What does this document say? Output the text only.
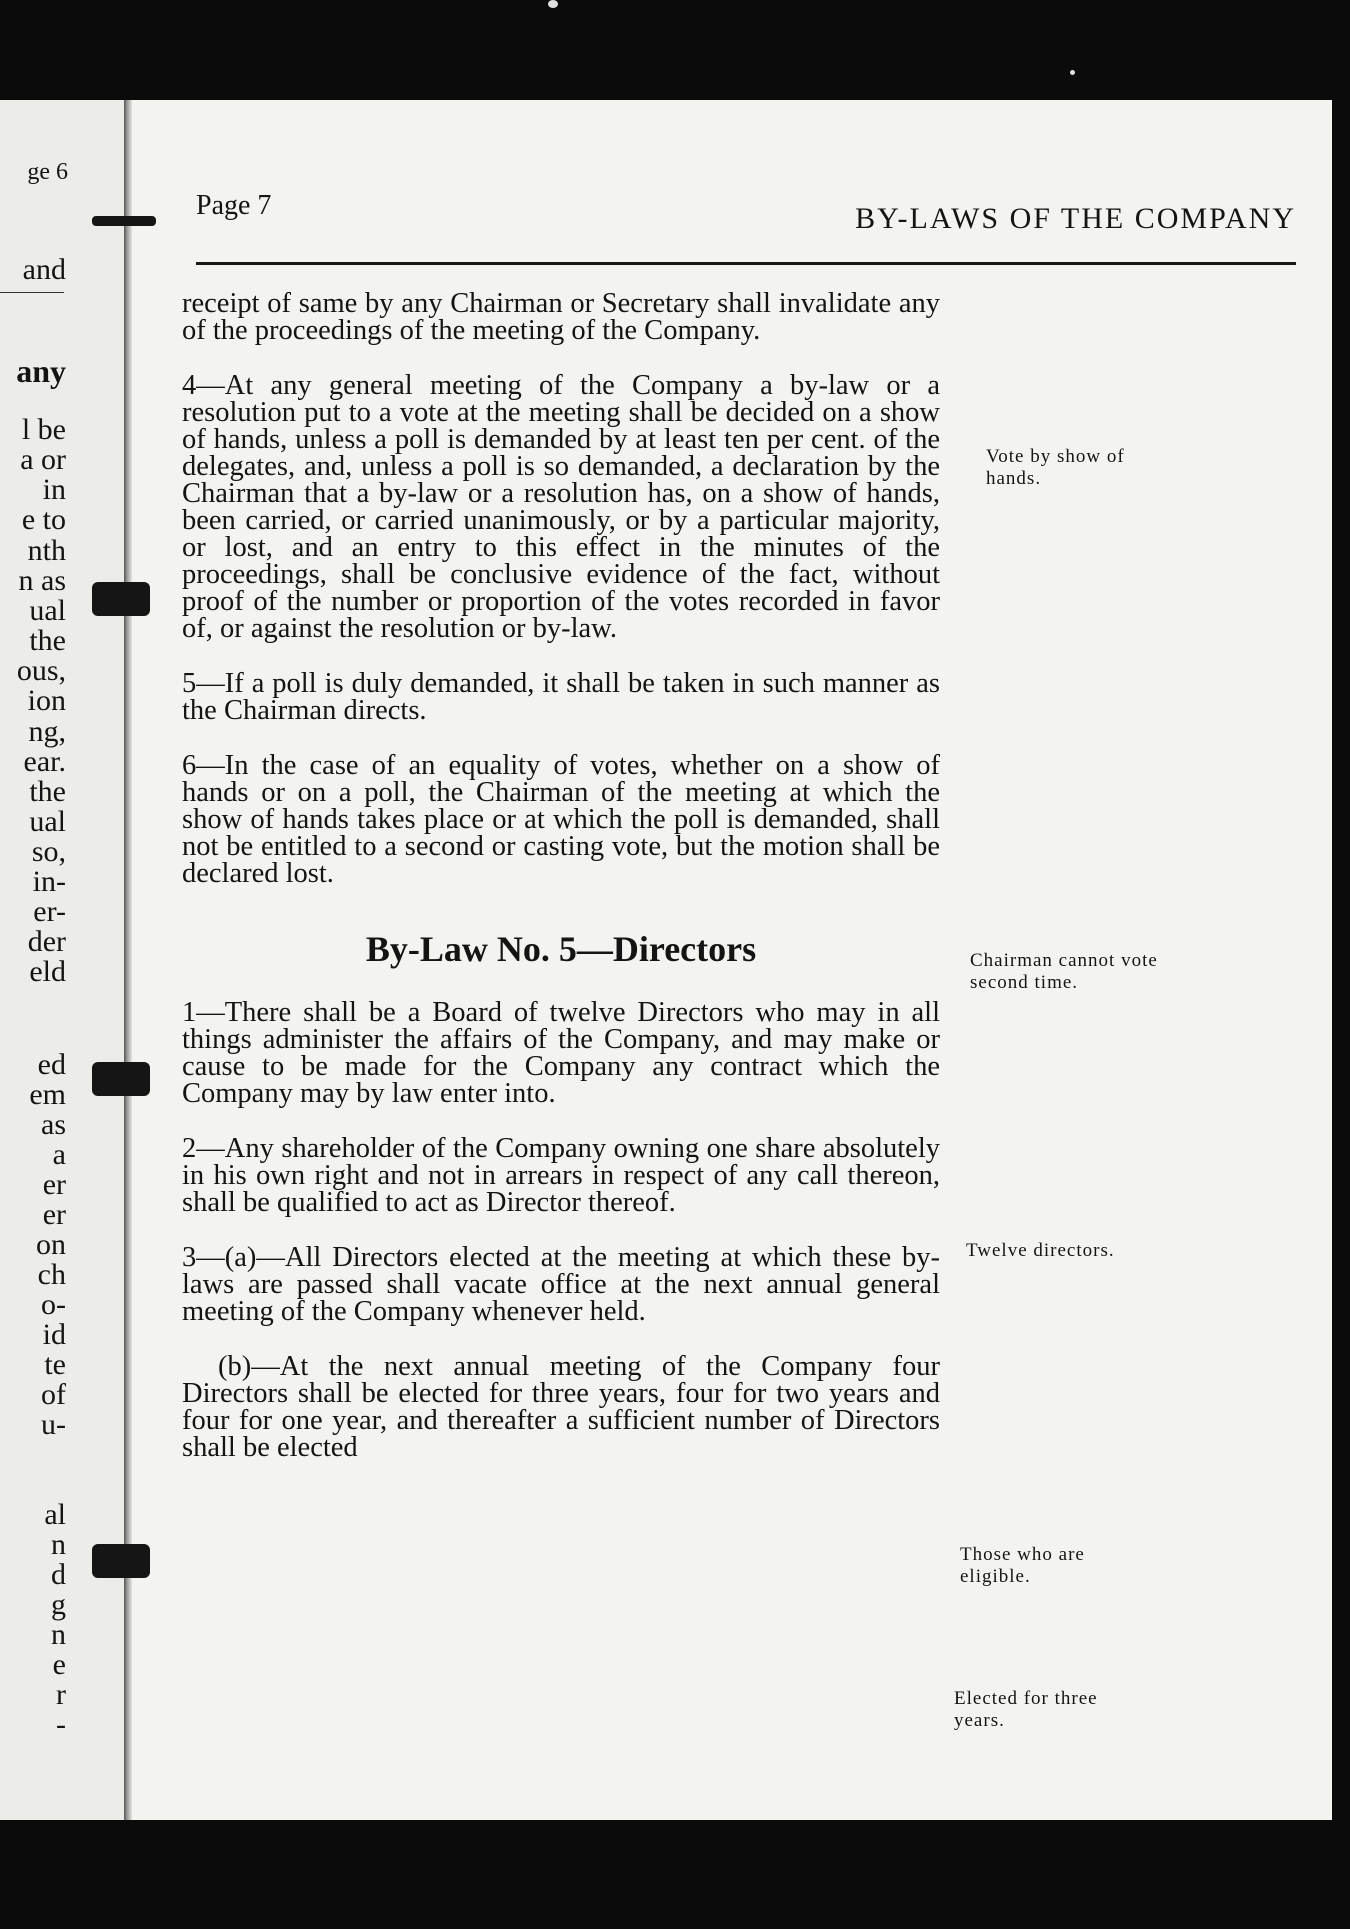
ge 6
and
any
l be
a or
in
e to
nth
n as
ual
the
ous,
ion
ng,
ear.
the
ual
so,
in-
er-
der
eld
ed
em
as
a
er
er
on
ch
o-
id
te
of
u-
al
n
d
g
n
e
r
-
Page 7	BY-LAWS OF THE COMPANY

receipt of same by any Chairman or Secretary shall invalidate any of the proceedings of the meeting of the Company.

4—At any general meeting of the Company a by-law or a resolution put to a vote at the meeting shall be decided on a show of hands, unless a poll is demanded by at least ten per cent. of the delegates, and, unless a poll is so demanded, a declaration by the Chairman that a by-law or a resolution has, on a show of hands, been carried, or carried unanimously, or by a particular majority, or lost, and an entry to this effect in the minutes of the proceedings, shall be conclusive evidence of the fact, without proof of the number or proportion of the votes recorded in favor of, or against the resolution or by-law.

5—If a poll is duly demanded, it shall be taken in such manner as the Chairman directs.

6—In the case of an equality of votes, whether on a show of hands or on a poll, the Chairman of the meeting at which the show of hands takes place or at which the poll is demanded, shall not be entitled to a second or casting vote, but the motion shall be declared lost.

By-Law No. 5—Directors

1—There shall be a Board of twelve Directors who may in all things administer the affairs of the Company, and may make or cause to be made for the Company any contract which the Company may by law enter into.

2—Any shareholder of the Company owning one share absolutely in his own right and not in arrears in respect of any call thereon, shall be qualified to act as Director thereof.

3—(a)—All Directors elected at the meeting at which these by-laws are passed shall vacate office at the next annual general meeting of the Company whenever held.

(b)—At the next annual meeting of the Company four Directors shall be elected for three years, four for two years and four for one year, and thereafter a sufficient number of Directors shall be elected

Vote by show of hands.
Chairman cannot vote second time.
Twelve directors.
Those who are eligible.
Elected for three years.
